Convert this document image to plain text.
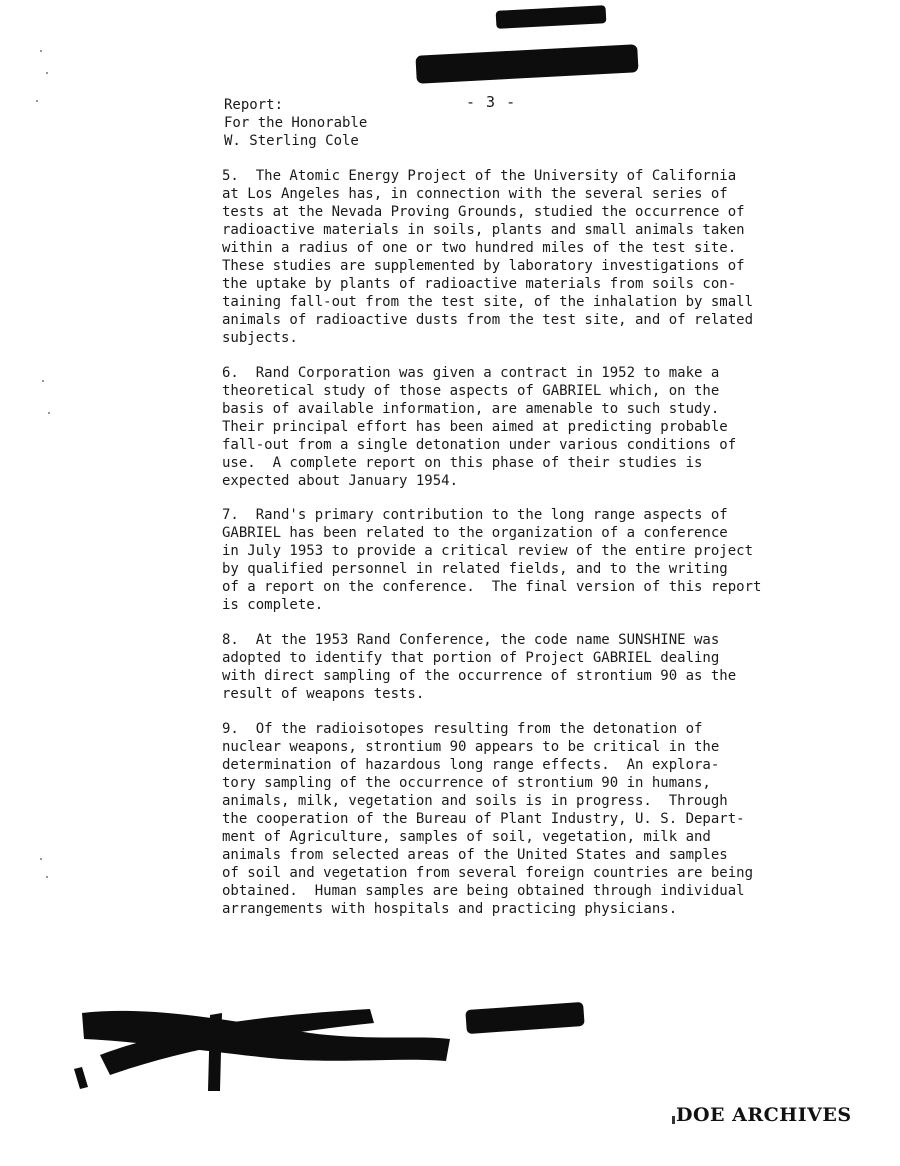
- 3 -
Report:
For the Honorable
W. Sterling Cole
5.  The Atomic Energy Project of the University of California
at Los Angeles has, in connection with the several series of
tests at the Nevada Proving Grounds, studied the occurrence of
radioactive materials in soils, plants and small animals taken
within a radius of one or two hundred miles of the test site.
These studies are supplemented by laboratory investigations of
the uptake by plants of radioactive materials from soils con-
taining fall-out from the test site, of the inhalation by small
animals of radioactive dusts from the test site, and of related
subjects.
6.  Rand Corporation was given a contract in 1952 to make a
theoretical study of those aspects of GABRIEL which, on the
basis of available information, are amenable to such study.
Their principal effort has been aimed at predicting probable
fall-out from a single detonation under various conditions of
use.  A complete report on this phase of their studies is
expected about January 1954.
7.  Rand's primary contribution to the long range aspects of
GABRIEL has been related to the organization of a conference
in July 1953 to provide a critical review of the entire project
by qualified personnel in related fields, and to the writing
of a report on the conference.  The final version of this report
is complete.
8.  At the 1953 Rand Conference, the code name SUNSHINE was
adopted to identify that portion of Project GABRIEL dealing
with direct sampling of the occurrence of strontium 90 as the
result of weapons tests.
9.  Of the radioisotopes resulting from the detonation of
nuclear weapons, strontium 90 appears to be critical in the
determination of hazardous long range effects.  An explora-
tory sampling of the occurrence of strontium 90 in humans,
animals, milk, vegetation and soils is in progress.  Through
the cooperation of the Bureau of Plant Industry, U. S. Depart-
ment of Agriculture, samples of soil, vegetation, milk and
animals from selected areas of the United States and samples
of soil and vegetation from several foreign countries are being
obtained.  Human samples are being obtained through individual
arrangements with hospitals and practicing physicians.
DOE ARCHIVES
